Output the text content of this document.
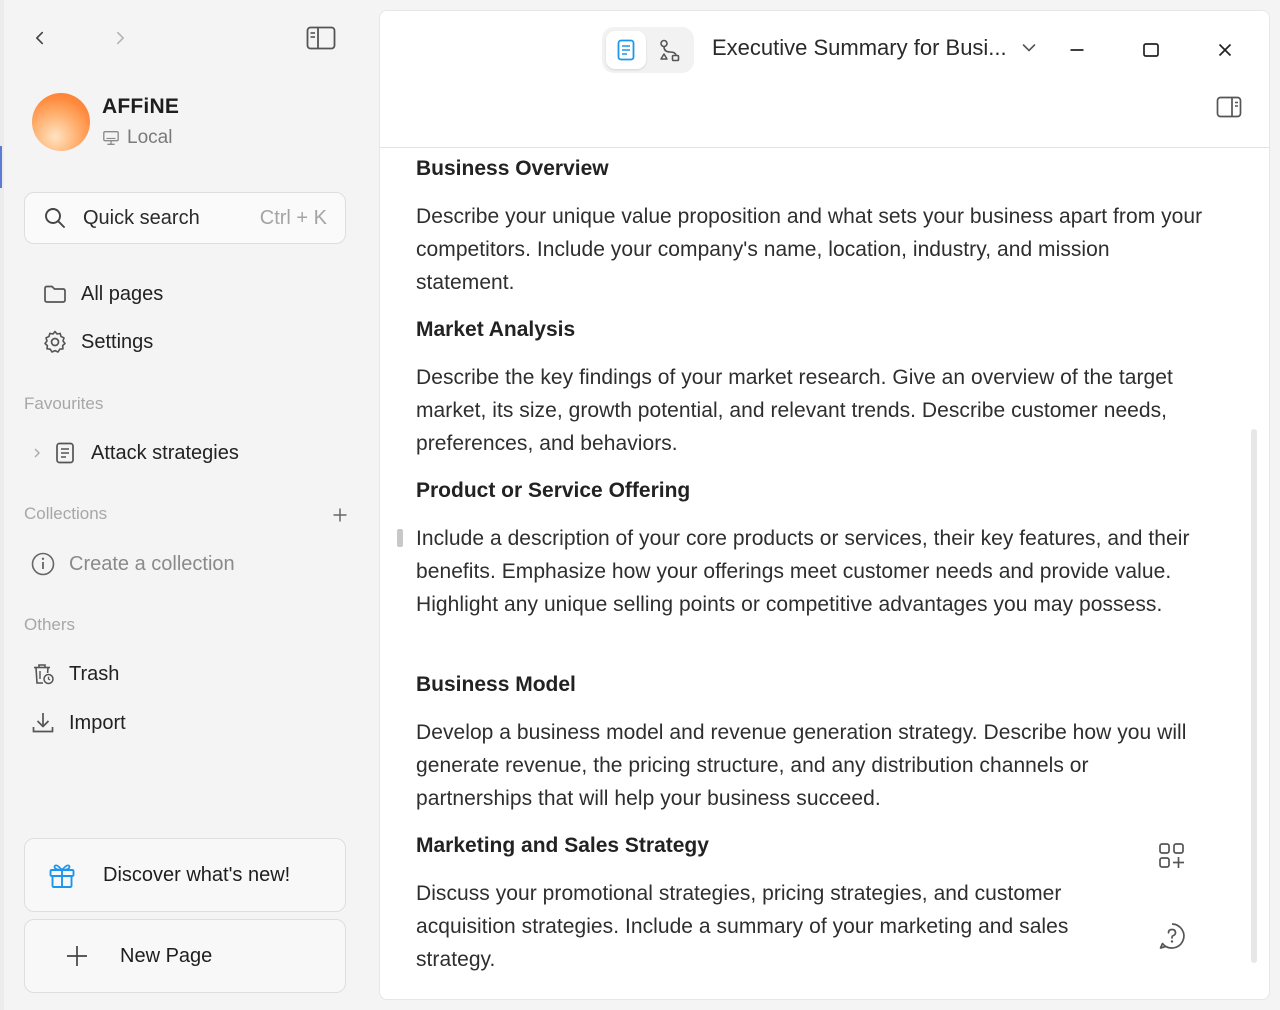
AFFiNE
Local
Quick search	Ctrl + K
All pages
Settings
Favourites
Attack strategies
Collections
Create a collection
Others
Trash
Import
Discover what's new!
New Page
Executive Summary for Busi...
Business Overview

Describe your unique value proposition and what sets your business apart from your competitors. Include your company's name, location, industry, and mission statement.

Market Analysis

Describe the key findings of your market research. Give an overview of the target market, its size, growth potential, and relevant trends. Describe customer needs, preferences, and behaviors.

Product or Service Offering

Include a description of your core products or services, their key features, and their benefits. Emphasize how your offerings meet customer needs and provide value. Highlight any unique selling points or competitive advantages you may possess.

Business Model

Develop a business model and revenue generation strategy. Describe how you will generate revenue, the pricing structure, and any distribution channels or partnerships that will help your business succeed.

Marketing and Sales Strategy

Discuss your promotional strategies, pricing strategies, and customer acquisition strategies. Include a summary of your marketing and sales strategy.
